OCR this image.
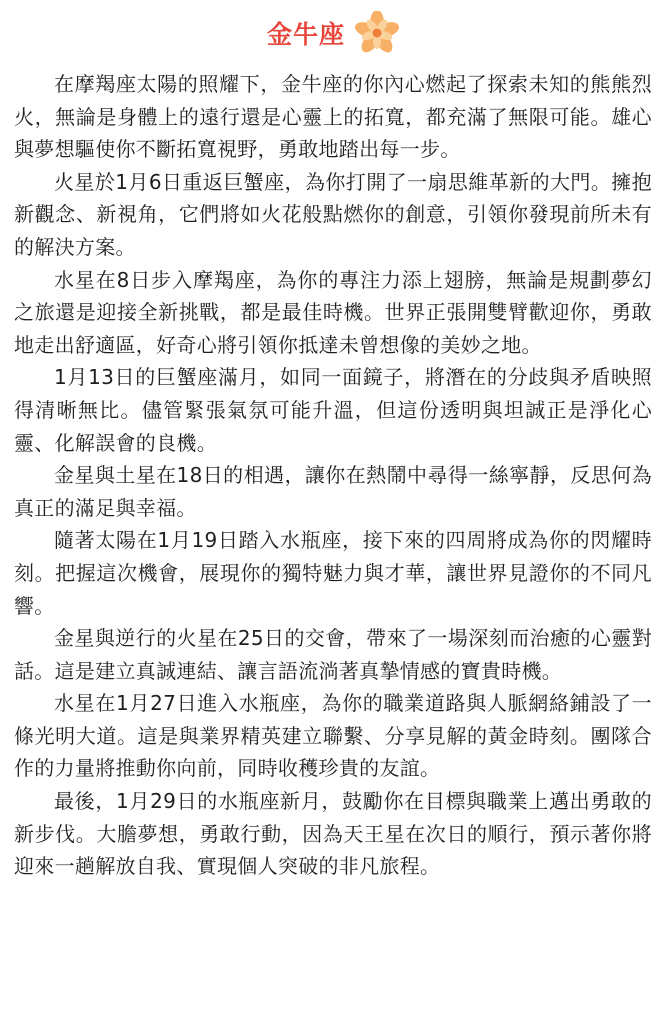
金牛座

在摩羯座太陽的照耀下，金牛座的你內心燃起了探索未知的熊熊烈火，無論是身體上的遠行還是心靈上的拓寬，都充滿了無限可能。雄心與夢想驅使你不斷拓寬視野，勇敢地踏出每一步。

火星於1月6日重返巨蟹座，為你打開了一扇思維革新的大門。擁抱新觀念、新視角，它們將如火花般點燃你的創意，引領你發現前所未有的解決方案。

水星在8日步入摩羯座，為你的專注力添上翅膀，無論是規劃夢幻之旅還是迎接全新挑戰，都是最佳時機。世界正張開雙臂歡迎你，勇敢地走出舒適區，好奇心將引領你抵達未曾想像的美妙之地。

1月13日的巨蟹座滿月，如同一面鏡子，將潛在的分歧與矛盾映照得清晰無比。儘管緊張氣氛可能升溫，但這份透明與坦誠正是淨化心靈、化解誤會的良機。

金星與土星在18日的相遇，讓你在熱鬧中尋得一絲寧靜，反思何為真正的滿足與幸福。

隨著太陽在1月19日踏入水瓶座，接下來的四周將成為你的閃耀時刻。把握這次機會，展現你的獨特魅力與才華，讓世界見證你的不同凡響。

金星與逆行的火星在25日的交會，帶來了一場深刻而治癒的心靈對話。這是建立真誠連結、讓言語流淌著真摯情感的寶貴時機。

水星在1月27日進入水瓶座，為你的職業道路與人脈網絡鋪設了一條光明大道。這是與業界精英建立聯繫、分享見解的黃金時刻。團隊合作的力量將推動你向前，同時收穫珍貴的友誼。

最後，1月29日的水瓶座新月，鼓勵你在目標與職業上邁出勇敢的新步伐。大膽夢想，勇敢行動，因為天王星在次日的順行，預示著你將迎來一趟解放自我、實現個人突破的非凡旅程。
